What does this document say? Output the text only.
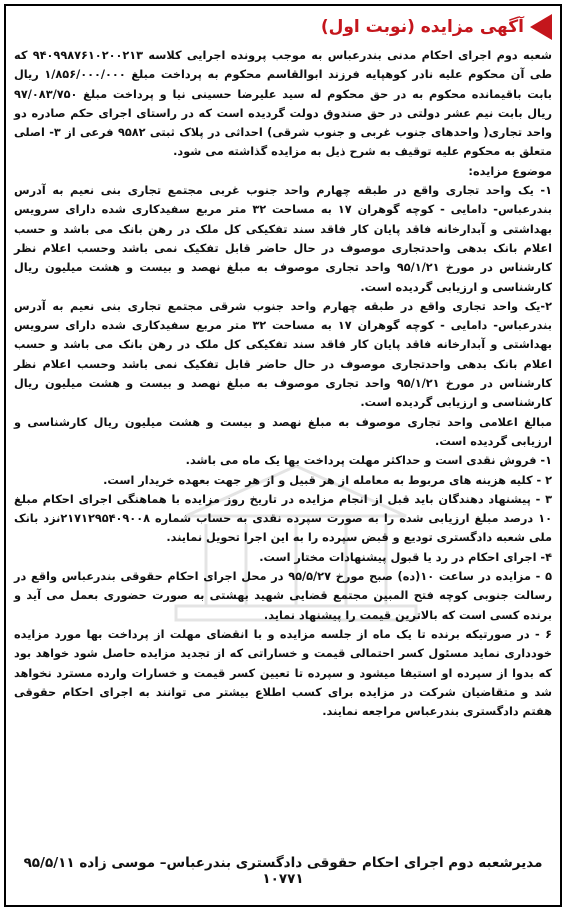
آگهی مزایده (نوبت اول)

شعبه دوم اجرای احکام مدنی بندرعباس به موجب پرونده اجرایی کلاسه ۹۴۰۹۹۸۷۶۱۰۲۰۰۲۱۳ که طی آن محکوم علیه نادر کوهپایه فرزند ابوالقاسم محکوم به پرداخت مبلغ ۱/۸۵۶/۰۰۰/۰۰۰ ریال بابت باقیمانده محکوم به در حق محکوم له سید علیرضا حسینی نیا و پرداخت مبلغ ۹۷/۰۸۳/۷۵۰ ریال بابت نیم عشر دولتی در حق صندوق دولت گردیده است که در راستای اجرای حکم صادره دو واحد تجاری( واحدهای جنوب غربی و جنوب شرقی) احداثی در پلاک ثبتی ۹۵۸۲ فرعی از ۳- اصلی متعلق به محکوم علیه توقیف به شرح ذیل به مزایده گذاشته می شود.

موضوع مزایده:

۱- یک واحد تجاری واقع در طبقه چهارم واحد جنوب غربی مجتمع تجاری بنی نعیم به آدرس بندرعباس- دامایی - کوچه گوهران ۱۷ به مساحت ۳۲ متر مربع سفیدکاری شده دارای سرویس بهداشتی و آبدارخانه فاقد پایان کار فاقد سند تفکیکی کل ملک در رهن بانک می باشد و حسب اعلام بانک بدهی واحدتجاری موصوف در حال حاضر قابل تفکیک نمی باشد وحسب اعلام نظر کارشناس در مورخ ۹۵/۱/۲۱ واحد تجاری موصوف به مبلغ نهصد و بیست و هشت میلیون ریال کارشناسی و ارزیابی گردیده است.

۲-یک واحد تجاری واقع در طبقه چهارم واحد جنوب شرقی مجتمع تجاری بنی نعیم به آدرس بندرعباس- دامایی - کوچه گوهران ۱۷ به مساحت ۳۲ متر مربع سفیدکاری شده دارای سرویس بهداشتی و آبدارخانه فاقد پایان کار فاقد سند تفکیکی کل ملک در رهن بانک می باشد و حسب اعلام بانک بدهی واحدتجاری موصوف در حال حاضر قابل تفکیک نمی باشد وحسب اعلام نظر کارشناس در مورخ ۹۵/۱/۲۱ واحد تجاری موصوف به مبلغ نهصد و بیست و هشت میلیون ریال کارشناسی و ارزیابی گردیده است.

مبالغ اعلامی واحد تجاری موصوف به مبلغ نهصد و بیست و هشت میلیون ریال کارشناسی و ارزیابی گردیده است.

۱- فروش نقدی است و حداکثر مهلت پرداخت بها یک ماه می باشد.

۲ - کلیه هزینه های مربوط به معامله از هر قبیل و از هر جهت بعهده خریدار است.

۳ - پیشنهاد دهندگان باید قبل از انجام مزایده در تاریخ روز مزایده با هماهنگی اجرای احکام مبلغ ۱۰ درصد مبلغ ارزیابی شده را به صورت سپرده نقدی به حساب شماره ۲۱۷۱۲۹۵۴۰۹۰۰۸نزد بانک ملی شعبه دادگستری تودیع و قبض سپرده را به این اجرا تحویل نمایند.

۴- اجرای احکام در رد یا قبول پیشنهادات مختار است.

۵ - مزایده در ساعت ۱۰(ده) صبح مورخ ۹۵/۵/۲۷ در محل اجرای احکام حقوقی بندرعباس واقع در رسالت جنوبی کوچه فتح المبین مجتمع قضایی شهید بهشتی به صورت حضوری بعمل می آید و برنده کسی است که بالاترین قیمت را پیشنهاد نماید.

۶ - در صورتیکه برنده تا یک ماه از جلسه مزایده و با انقضای مهلت از پرداخت بها مورد مزایده خودداری نماید مسئول کسر احتمالی قیمت و خساراتی که از تجدید مزایده حاصل شود خواهد بود که بدوا از سپرده او استیفا میشود و سپرده تا تعیین کسر قیمت و خسارات وارده مسترد نخواهد شد و متقاضیان شرکت در مزایده برای کسب اطلاع بیشتر می توانند به اجرای احکام حقوقی هفتم دادگستری بندرعباس مراجعه نمایند.

مدیرشعبه دوم اجرای احکام حقوقی دادگستری بندرعباس– موسی زاده ۹۵/۵/۱۱ ۱۰۷۷۱
